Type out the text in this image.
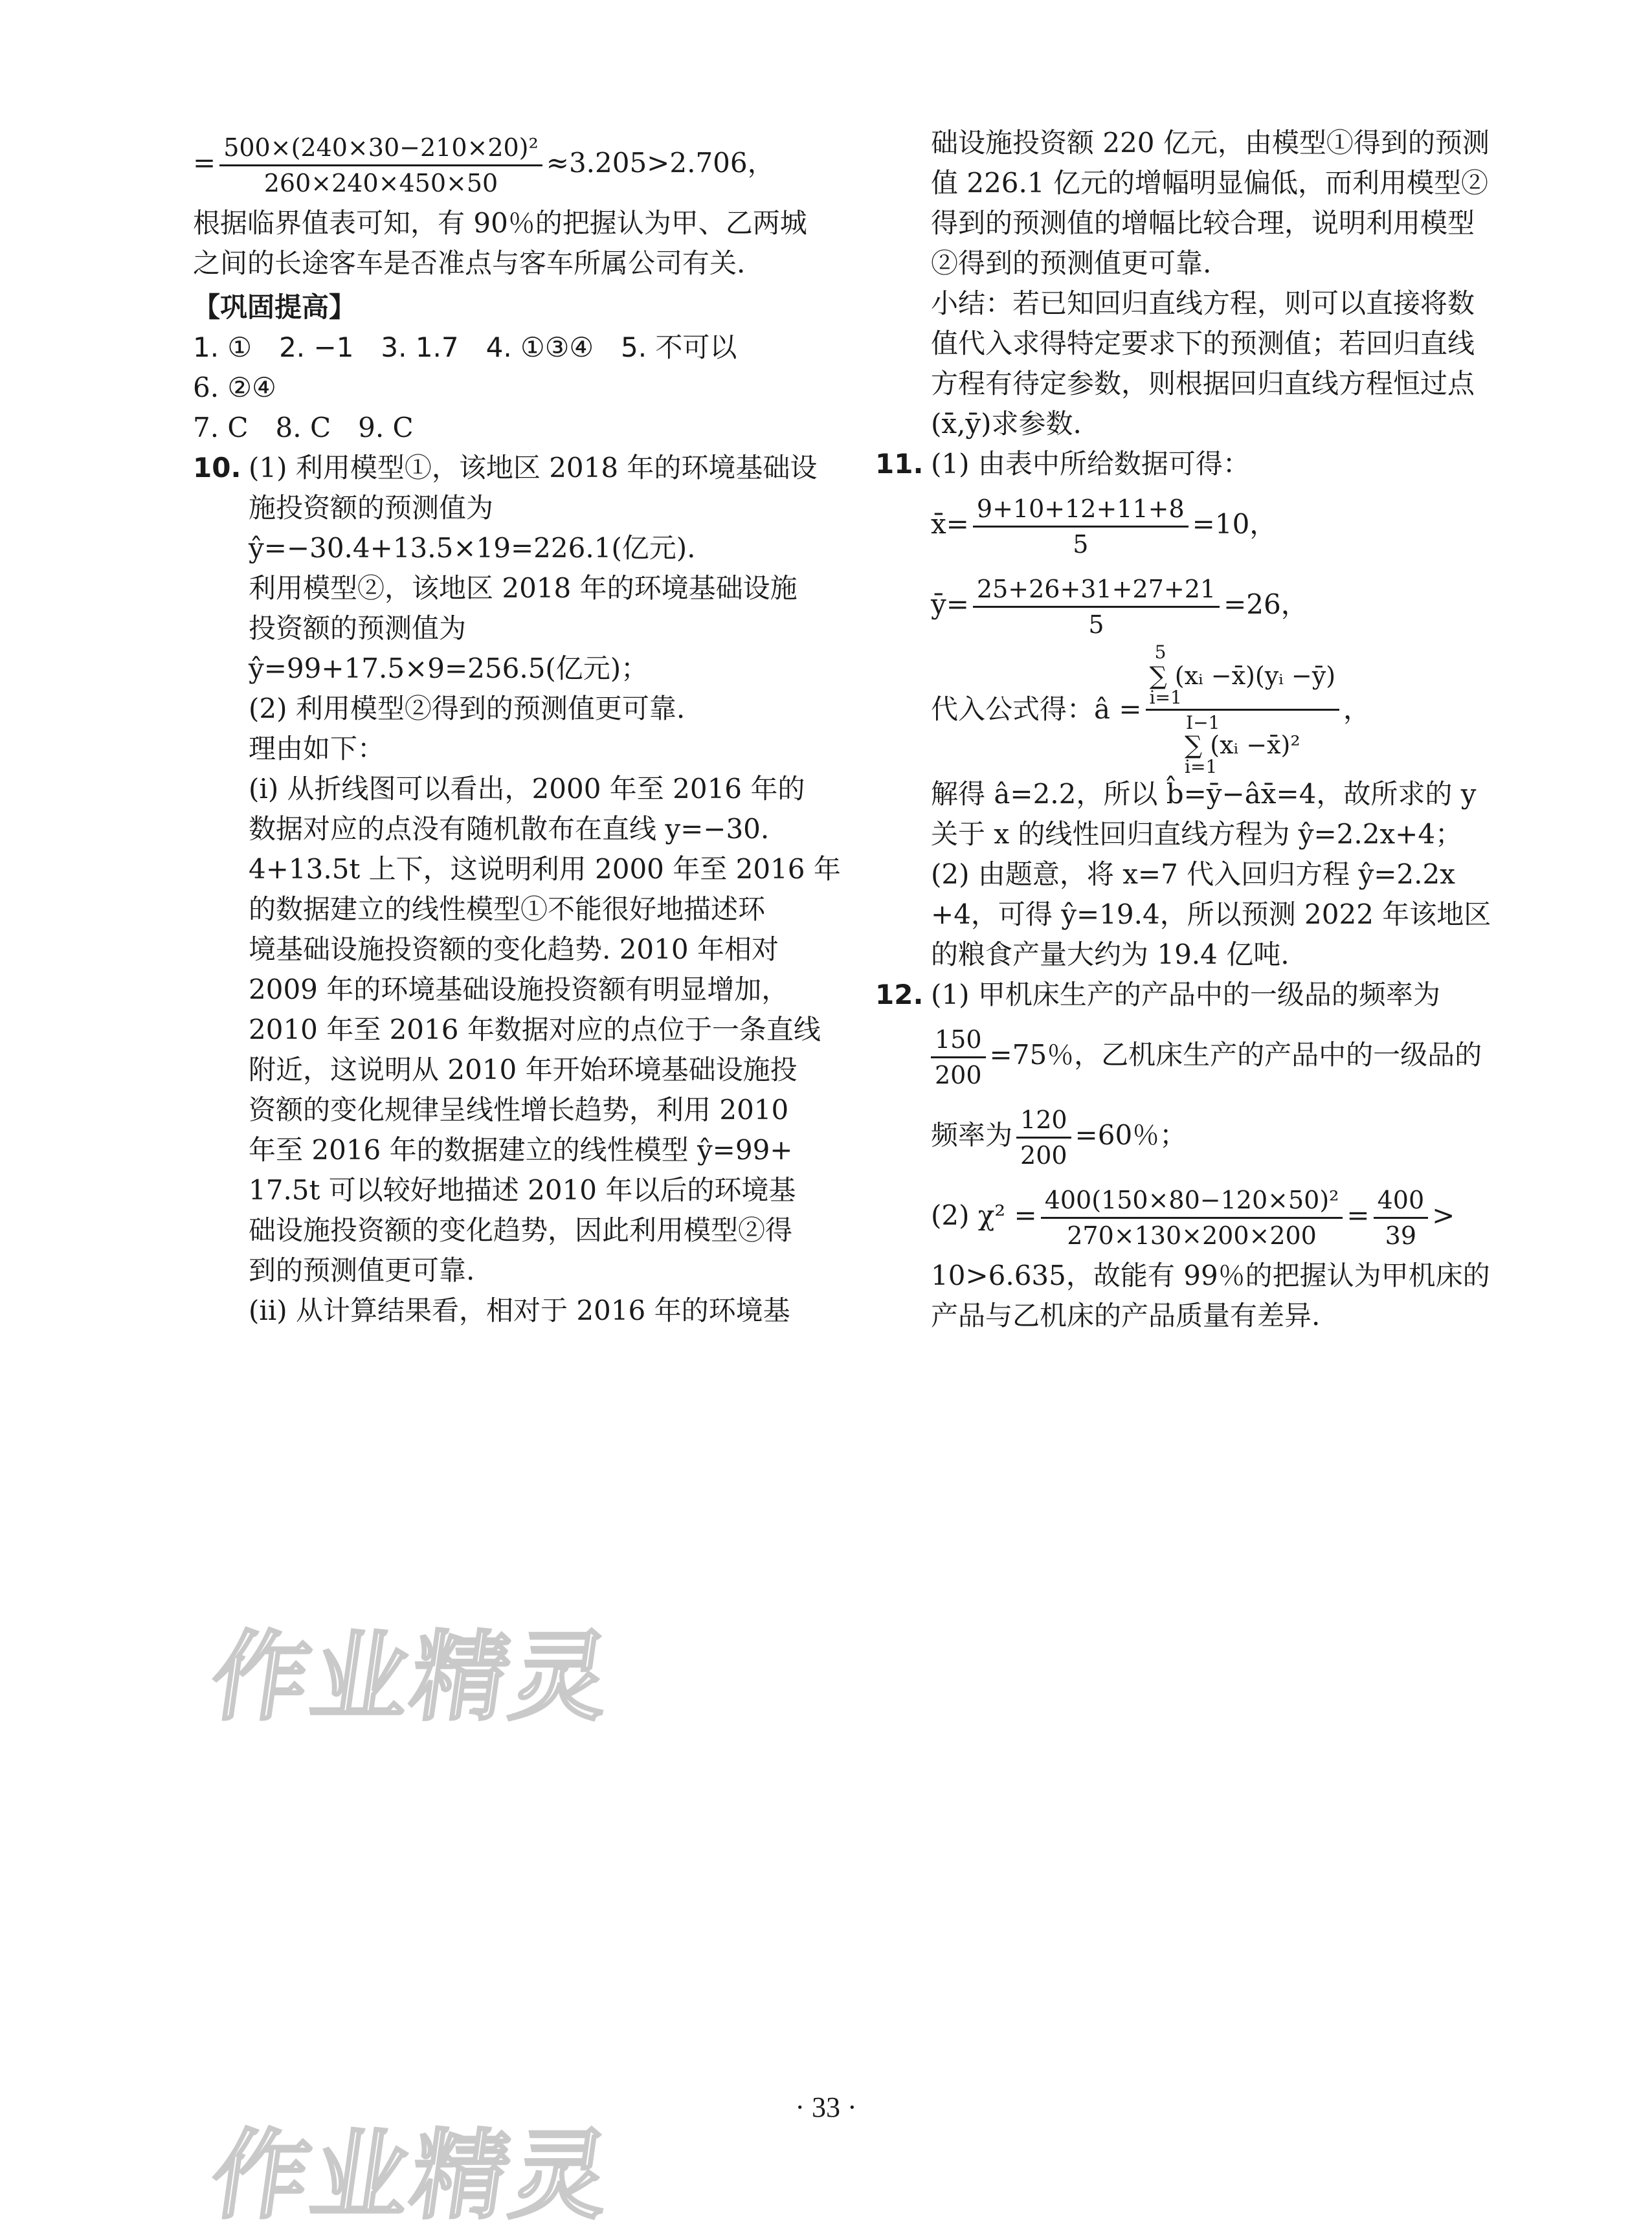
= $\frac{\text{500×(240×30−210×20)²}}{260\times 240\times 450\times 50} \approx 3.205>2.706$，
根据临界值表可知，有 90％的把握认为甲、乙两城
之间的长途客车是否准点与客车所属公司有关.
【巩固提高】
1. ①　2. −1　3. 1.7　4. ①③④　5. 不可以
6. ②④
7. C　8. C　9. C
10. (1) 利用模型①，该地区 2018 年的环境基础设
施投资额的预测值为
ŷ=−30.4+13.5×19=226.1(亿元).
利用模型②，该地区 2018 年的环境基础设施
投资额的预测值为
ŷ=99+17.5×9=256.5(亿元)；
(2) 利用模型②得到的预测值更可靠.
理由如下：
(ⅰ) 从折线图可以看出，2000 年至 2016 年的
数据对应的点没有随机散布在直线 y=−30.
4+13.5t 上下，这说明利用 2000 年至 2016 年
的数据建立的线性模型①不能很好地描述环
境基础设施投资额的变化趋势. 2010 年相对
2009 年的环境基础设施投资额有明显增加，
2010 年至 2016 年数据对应的点位于一条直线
附近，这说明从 2010 年开始环境基础设施投
资额的变化规律呈线性增长趋势，利用 2010
年至 2016 年的数据建立的线性模型 ŷ=99+
17.5t 可以较好地描述 2010 年以后的环境基
础设施投资额的变化趋势，因此利用模型②得
到的预测值更可靠.
(ⅱ) 从计算结果看，相对于 2016 年的环境基
础设施投资额 220 亿元，由模型①得到的预测
值 226.1 亿元的增幅明显偏低，而利用模型②
得到的预测值的增幅比较合理，说明利用模型
②得到的预测值更可靠.
小结：若已知回归直线方程，则可以直接将数
值代入求得特定要求下的预测值；若回归直线
方程有待定参数，则根据回归直线方程恒过点
(x̄,ȳ)求参数.
11. (1) 由表中所给数据可得：
x̄= $\frac{9+10+12+11+8}{5} =10$，
ȳ= $\frac{25+26+31+27+21}{5} =26$，
代入公式得：â = 5
∑ (xᵢ −x̄)(yᵢ −ȳ)
i=1
I−1
∑ (xᵢ −x̄)²
i=1 ，
解得 â=2.2，所以 b̂=ȳ−âx̄=4，故所求的 y
关于 x 的线性回归直线方程为 ŷ=2.2x+4；
(2) 由题意，将 x=7 代入回归方程 ŷ=2.2x
+4，可得 ŷ=19.4，所以预测 2022 年该地区
的粮食产量大约为 19.4 亿吨.
12. (1) 甲机床生产的产品中的一级品的频率为
$\frac{150}{200} =75$％，乙机床生产的产品中的一级品的
频率为 $\frac{120}{200} =60$％；
(2) $\chi^2 = \frac{\text{400(150×80−120×50)²}}{270\times 130\times 200\times 200} = \frac{400}{39}$ >
10>6.635，故能有 99％的把握认为甲机床的
产品与乙机床的产品质量有差异.
作业精灵
作业精灵
· 33 ·
